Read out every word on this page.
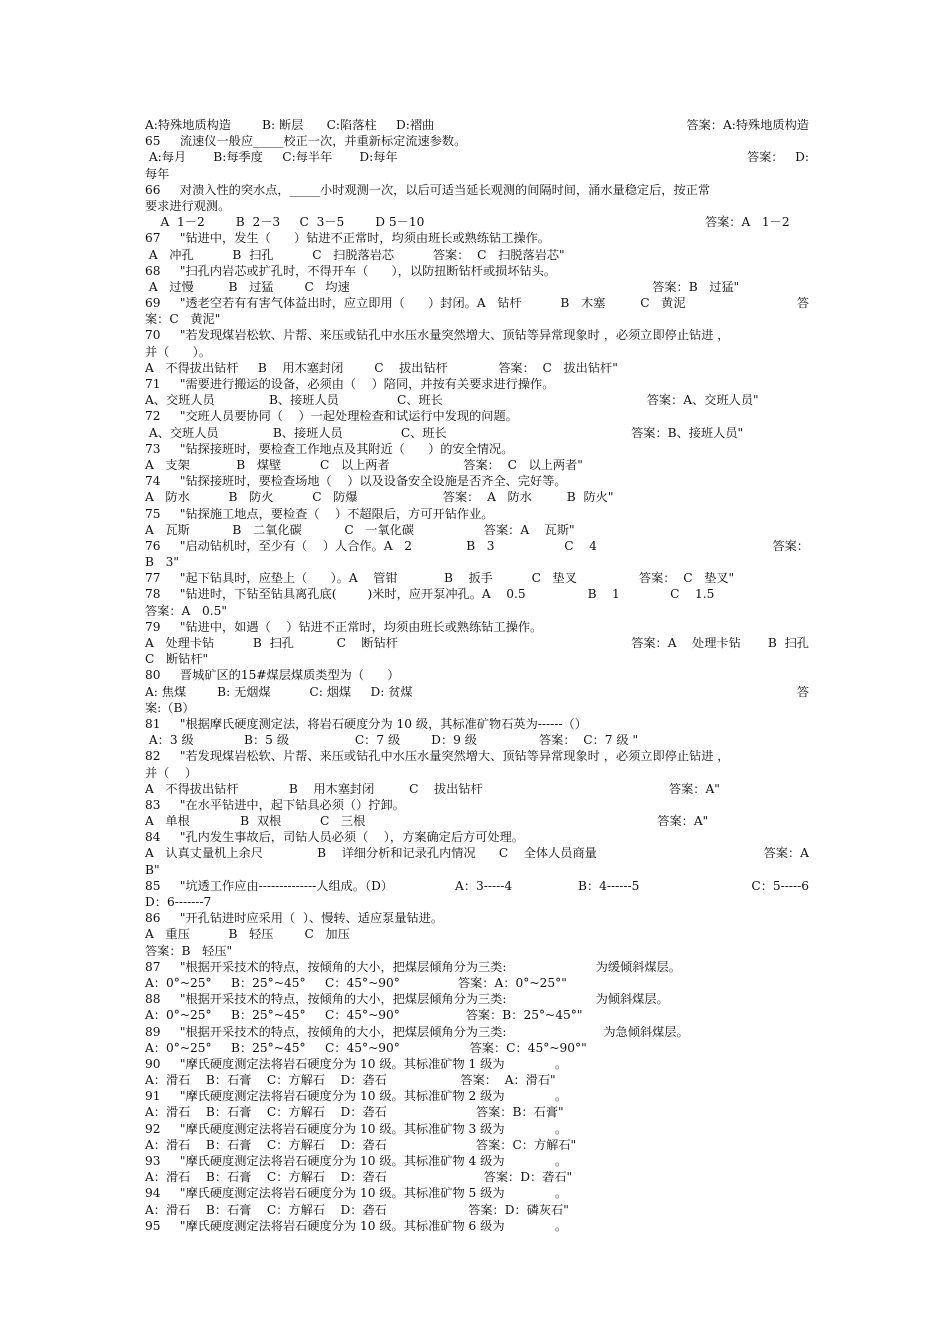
A:特殊地质构造        B: 断层      C:陷落柱     D:褶曲	答案：A:特殊地质构造
65     流速仪一般应_____校正一次，并重新标定流速参数。
A:每月       B:每季度     C:每半年       D:每年	答案：   D:
每年
66     对溃入性的突水点，_____小时观测一次，以后可适当延长观测的间隔时间，涌水量稳定后，按正常
要求进行观测。
A  1－2        B  2－3     C  3－5        D 5－10	答案：A   1－2
67     "钻进中，发生（      ）钻进不正常时，均须由班长或熟练钻工操作。
A   冲孔          B  扫孔          C   扫脱落岩芯          答案：  C   扫脱落岩芯"
68     "扫孔内岩芯或扩孔时，不得开车（      ），以防扭断钻杆或损坏钻头。
A   过慢         B   过猛        C   均速	答案：B   过猛"
69     "透老空若有有害气体益出时，应立即用（      ）封闭。A   钻杆          B   木塞         C   黄泥	答
案：C   黄泥"
70     "若发现煤岩松软、片帮、来压或钻孔中水压水量突然增大、顶钻等异常现象时 ，必须立即停止钻进 ，
并（      ）。
A   不得拔出钻杆     B    用木塞封闭        C    拔出钻杆             答案：  C   拔出钻杆"
71     "需要进行搬运的设备，必须由（    ）陪同，并按有关要求进行操作。
A、交班人员              B、接班人员               C、班长	答案：A、交班人员"
72     "交班人员要协同（    ）一起处理检查和试运行中发现的问题。
A、交班人员              B、接班人员               C、班长	答案：B、接班人员"
73     "钻探接班时，要检查工作地点及其附近（      ）的安全情况。
A   支架            B   煤壁          C   以上两者                   答案：  C   以上两者"
74     "钻探接班时，要检查场地（    ）以及设备安全设施是否齐全、完好等。
A   防水          B   防火          C   防爆                      答案：  A   防水         B  防火"
75     "钻探施工地点，要检查（    ）不超限后，方可开钻作业。
A   瓦斯           B   二氧化碳           C   一氧化碳                  答案：A    瓦斯"
76     "启动钻机时，至少有（    ）人合作。A   2              B   3                  C    4	答案：
B   3"
77     "起下钻具时，应垫上（      ）。A    管钳            B    扳手          C   垫叉                答案：  C   垫叉"
78     "钻进时，下钻至钻具离孔底(        )米时，应开泵冲孔。A    0.5                B    1             C    1.5
答案：A   0.5"
79     "钻进中，如遇（    ）钻进不正常时，均须由班长或熟练钻工操作。
A   处理卡钻          B  扫孔           C    断钻杆	答案：A    处理卡钻       B  扫孔
C   断钻杆"
80     晋城矿区的15#煤层煤质类型为（      ）
A: 焦煤        B: 无烟煤          C: 烟煤     D: 贫煤	答
案:（B）
81     "根据摩氏硬度测定法，将岩石硬度分为 10 级，其标准矿物石英为------（）
A：3 级             B：5 级                 C：7 级        D：9 级                答案：  C：7 级 "
82     "若发现煤岩松软、片帮、来压或钻孔中水压水量突然增大、顶钻等异常现象时 ，必须立即停止钻进 ，
并（    ）
A   不得拔出钻杆             B    用木塞封闭         C    拔出钻杆	答案：A"
83     "在水平钻进中，起下钻具必须（）拧卸。
A   单根             B  双根          C   三根	答案：A"
84     "孔内发生事故后，司钻人员必须（    ），方案确定后方可处理。
A   认真丈量机上余尺              B    详细分析和记录孔内情况      C    全体人员商量	答案：A
B"
85     "坑透工作应由--------------人组成。（D）                A：3-----4                 B：4------5	C：5-----6
D：6-------7
86     "开孔钻进时应采用（  ）、慢转、适应泵量钻进。
A   重压          B   轻压        C   加压
答案：B   轻压"
87     "根据开采技术的特点，按倾角的大小，把煤层倾角分为三类:                       为缓倾斜煤层。
A：0°~25°     B：25°~45°     C：45°~90°               答案：A：0°~25°"
88     "根据开采技术的特点，按倾角的大小，把煤层倾角分为三类:                       为倾斜煤层。
A：0°~25°     B：25°~45°     C：45°~90°                 答案：B：25°~45°"
89     "根据开采技术的特点，按倾角的大小，把煤层倾角分为三类:                         为急倾斜煤层。
A：0°~25°     B：25°~45°     C：45°~90°                  答案：C：45°~90°"
90     "摩氏硬度测定法将岩石硬度分为 10 级。其标准矿物 1 级为             。
A：滑石    B：石膏    C：方解石    D：砻石                   答案：  A：滑石"
91     "摩氏硬度测定法将岩石硬度分为 10 级。其标准矿物 2 级为             。
A：滑石    B：石膏    C：方解石    D：砻石                       答案：B：石膏"
92     "摩氏硬度测定法将岩石硬度分为 10 级。其标准矿物 3 级为             。
A：滑石    B：石膏    C：方解石    D：砻石                       答案：C：方解石"
93     "摩氏硬度测定法将岩石硬度分为 10 级。其标准矿物 4 级为             。
A：滑石    B：石膏    C：方解石    D：砻石                         答案：D：砻石"
94     "摩氏硬度测定法将岩石硬度分为 10 级。其标准矿物 5 级为             。
A：滑石    B：石膏    C：方解石    D：砻石                     答案：D：磷灰石"
95     "摩氏硬度测定法将岩石硬度分为 10 级。其标准矿物 6 级为             。
